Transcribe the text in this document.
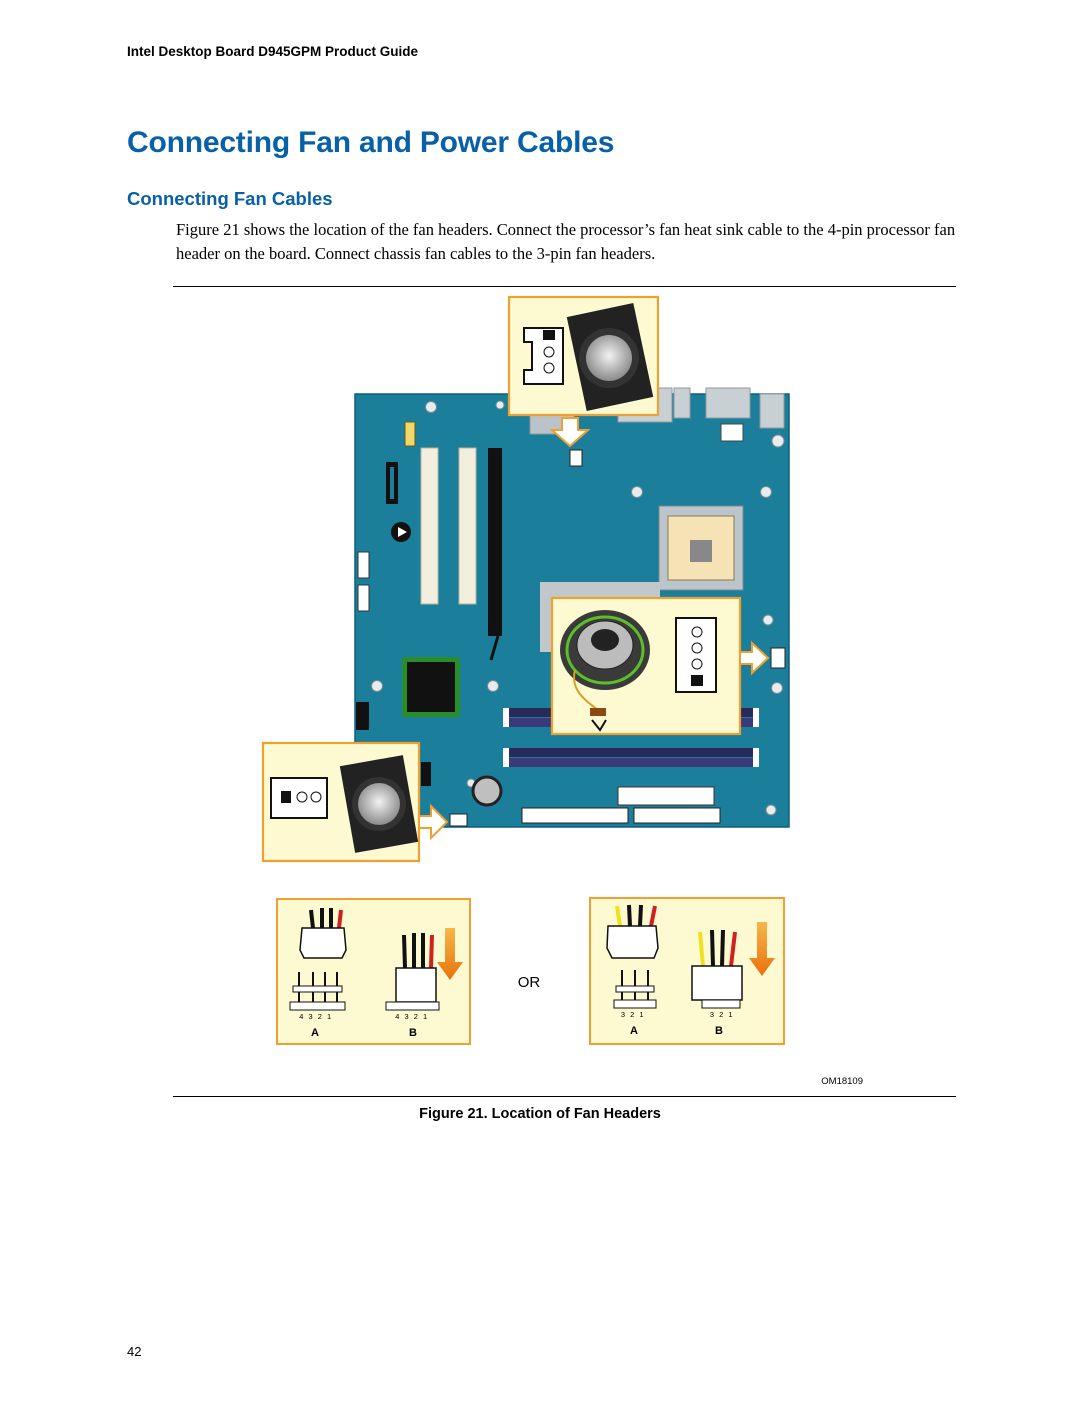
Intel Desktop Board D945GPM Product Guide
Connecting Fan and Power Cables
Connecting Fan Cables

Figure 21 shows the location of the fan headers. Connect the processor’s fan heat sink cable to the 4-pin processor fan header on the board. Connect chassis fan cables to the 3-pin fan headers.

OR
4 3 2 1	4 3 2 1	3 2 1	3 2 1
A	B	A	B
OM18109
Figure 21. Location of Fan Headers
42
